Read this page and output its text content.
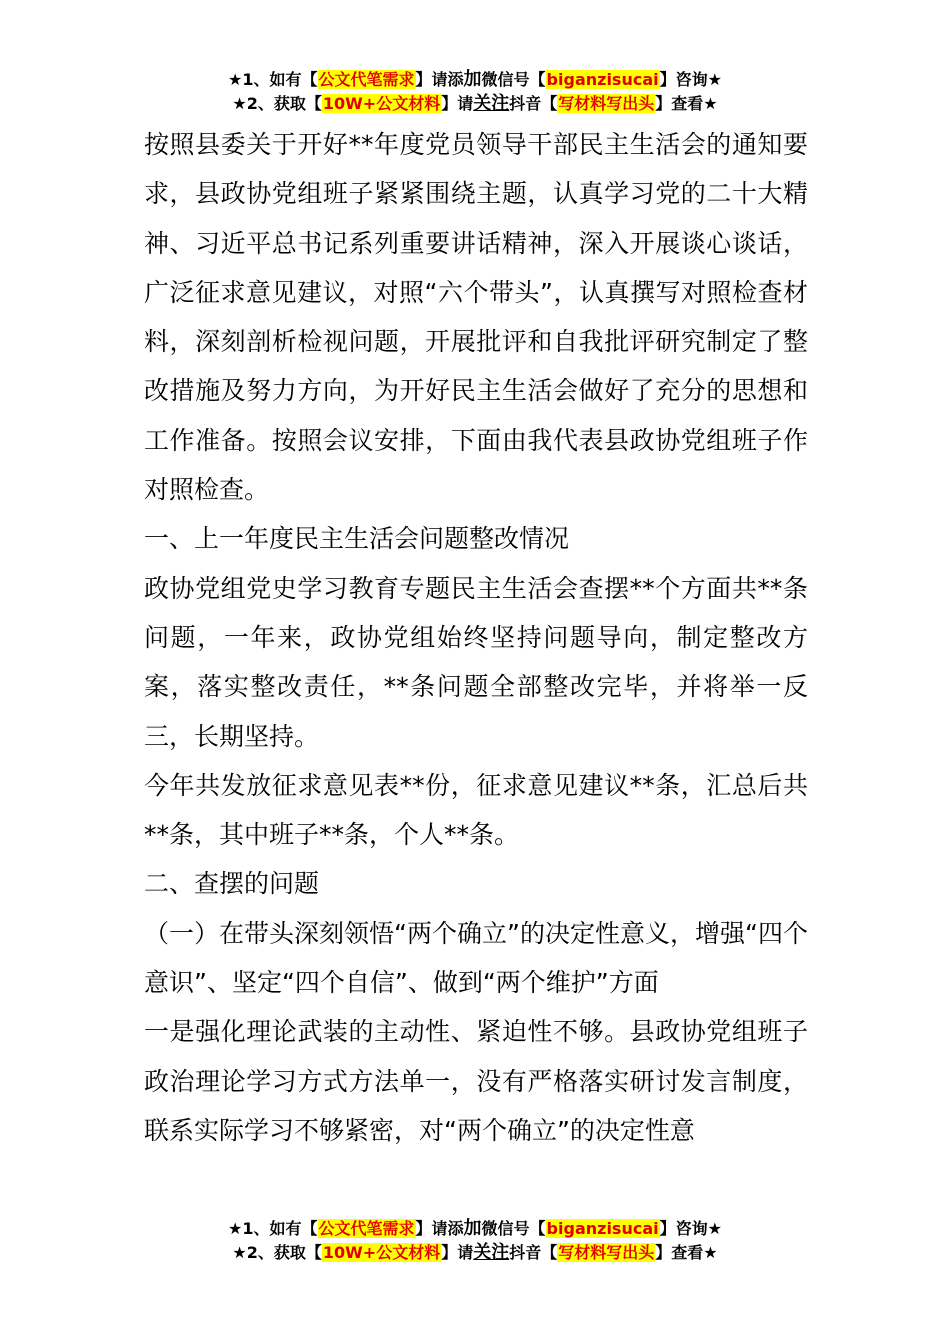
★1、如有【公文代笔需求】请添加微信号【biganzisucai】咨询★
★2、获取【10W+公文材料】请关注抖音【写材料写出头】查看★

按照县委关于开好**年度党员领导干部民主生活会的通知要求，县政协党组班子紧紧围绕主题，认真学习党的二十大精神、习近平总书记系列重要讲话精神，深入开展谈心谈话，广泛征求意见建议，对照“六个带头”，认真撰写对照检查材料，深刻剖析检视问题，开展批评和自我批评研究制定了整改措施及努力方向，为开好民主生活会做好了充分的思想和工作准备。按照会议安排，下面由我代表县政协党组班子作对照检查。

一、上一年度民主生活会问题整改情况

政协党组党史学习教育专题民主生活会查摆**个方面共**条问题，一年来，政协党组始终坚持问题导向，制定整改方案，落实整改责任，**条问题全部整改完毕，并将举一反三，长期坚持。

今年共发放征求意见表**份，征求意见建议**条，汇总后共**条，其中班子**条，个人**条。

二、查摆的问题

（一）在带头深刻领悟“两个确立”的决定性意义，增强“四个意识”、坚定“四个自信”、做到“两个维护”方面

一是强化理论武装的主动性、紧迫性不够。县政协党组班子政治理论学习方式方法单一，没有严格落实研讨发言制度，联系实际学习不够紧密，对“两个确立”的决定性意

★1、如有【公文代笔需求】请添加微信号【biganzisucai】咨询★
★2、获取【10W+公文材料】请关注抖音【写材料写出头】查看★
